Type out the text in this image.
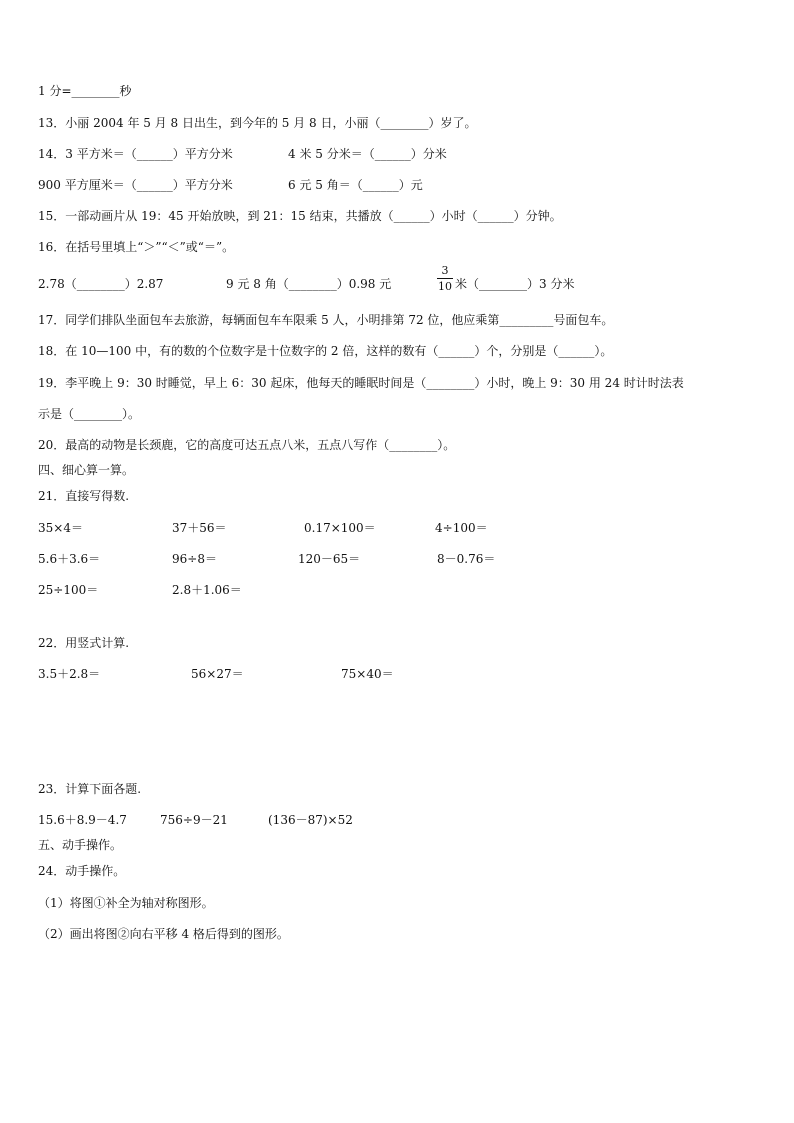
1 分=________秒
13．小丽 2004 年 5 月 8 日出生，到今年的 5 月 8 日，小丽（________）岁了。
14．3 平方米＝（______）平方分米	4 米 5 分米＝（______）分米
900 平方厘米＝（______）平方分米	6 元 5 角＝（______）元
15．一部动画片从 19：45 开始放映，到 21：15 结束，共播放（______）小时（______）分钟。
16．在括号里填上“＞”“＜”或“＝”。
2.78（________）2.87	9 元 8 角（________）0.98 元	$\frac{3}{10}$ 米（________）3 分米
17．同学们排队坐面包车去旅游，每辆面包车车限乘 5 人，小明排第 72 位，他应乘第_________号面包车。
18．在 10—100 中，有的数的个位数字是十位数字的 2 倍，这样的数有（______）个，分别是（______）。
19．李平晚上 9：30 时睡觉，早上 6：30 起床，他每天的睡眠时间是（________）小时，晚上 9：30 用 24 时计时法表
示是（________）。
20．最高的动物是长颈鹿，它的高度可达五点八米，五点八写作（________）。
四、细心算一算。
21．直接写得数.
35×4＝	37＋56＝	0.17×100＝	4÷100＝
5.6＋3.6＝	96÷8＝	120－65＝	8－0.76＝
25÷100＝	2.8＋1.06＝
22．用竖式计算.
3.5＋2.8＝	56×27＝	75×40＝
23．计算下面各题.
15.6＋8.9－4.7	756÷9－21	(136－87)×52
五、动手操作。
24．动手操作。
（1）将图①补全为轴对称图形。
（2）画出将图②向右平移 4 格后得到的图形。
